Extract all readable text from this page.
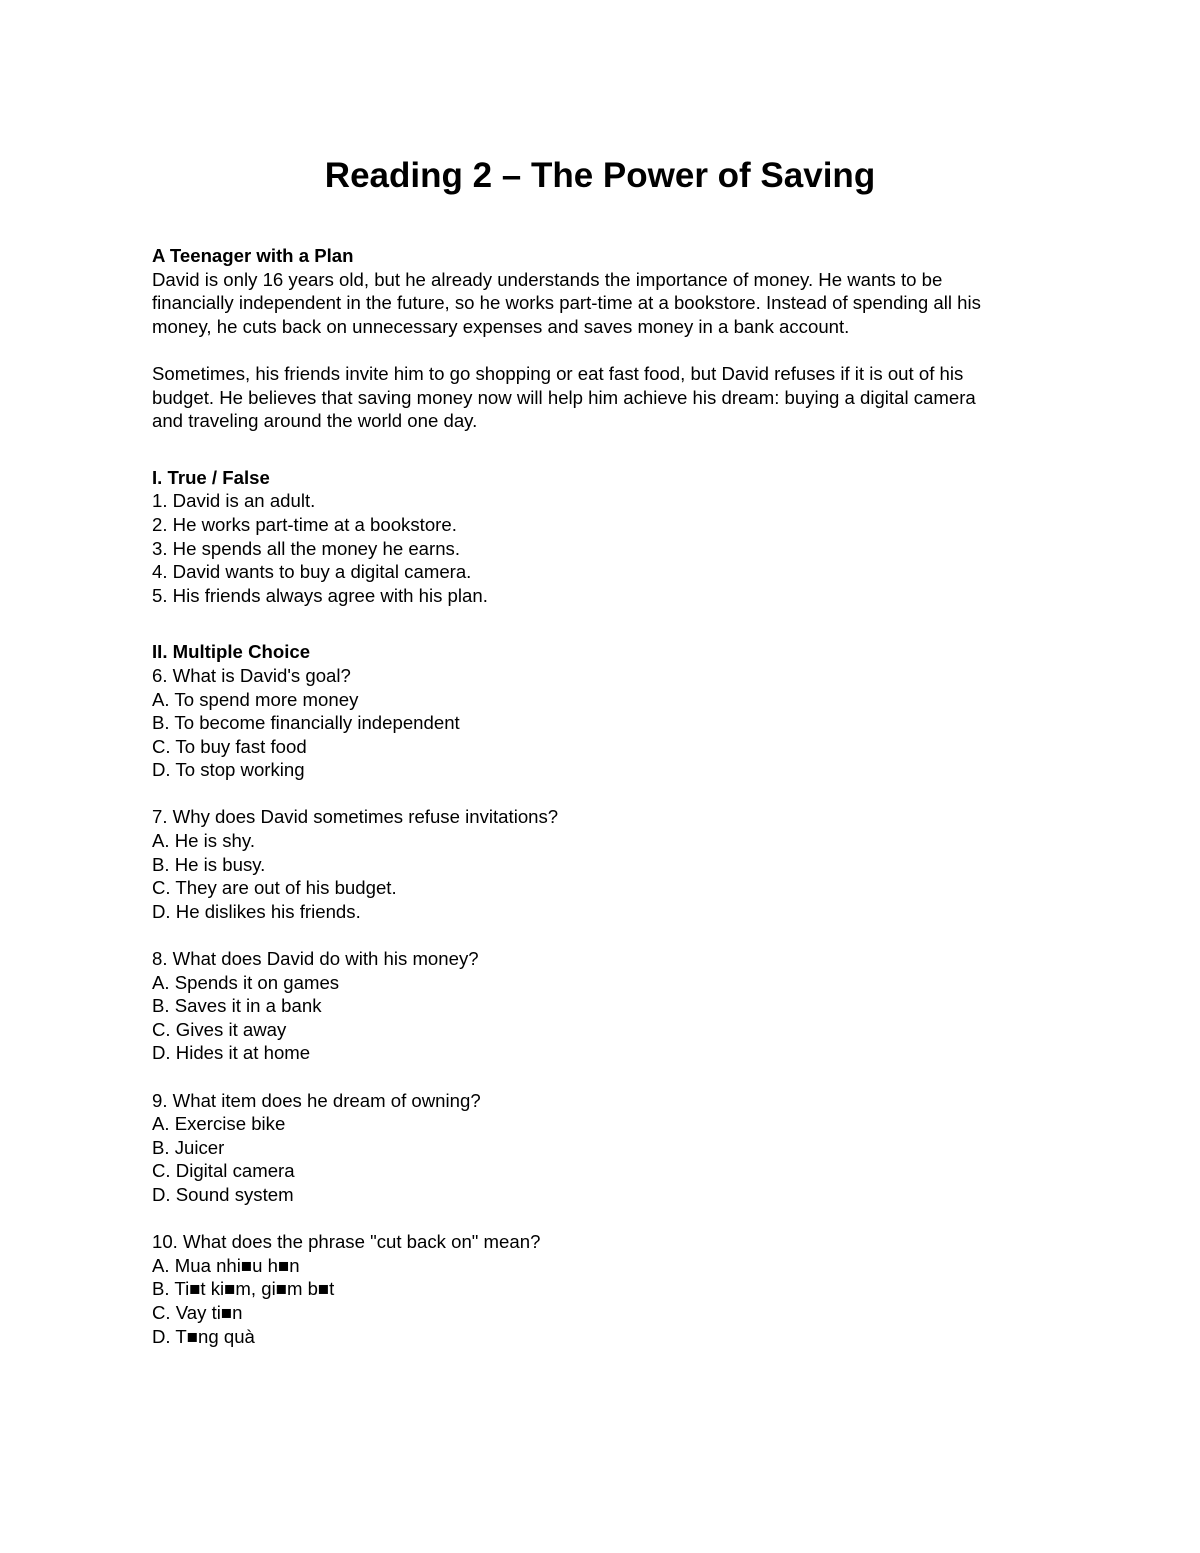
Reading 2 – The Power of Saving
A Teenager with a Plan
David is only 16 years old, but he already understands the importance of money. He wants to be
financially independent in the future, so he works part-time at a bookstore. Instead of spending all his
money, he cuts back on unnecessary expenses and saves money in a bank account.
Sometimes, his friends invite him to go shopping or eat fast food, but David refuses if it is out of his
budget. He believes that saving money now will help him achieve his dream: buying a digital camera
and traveling around the world one day.
I. True / False
1. David is an adult.
2. He works part-time at a bookstore.
3. He spends all the money he earns.
4. David wants to buy a digital camera.
5. His friends always agree with his plan.
II. Multiple Choice
6. What is David's goal?
A. To spend more money
B. To become financially independent
C. To buy fast food
D. To stop working
7. Why does David sometimes refuse invitations?
A. He is shy.
B. He is busy.
C. They are out of his budget.
D. He dislikes his friends.
8. What does David do with his money?
A. Spends it on games
B. Saves it in a bank
C. Gives it away
D. Hides it at home
9. What item does he dream of owning?
A. Exercise bike
B. Juicer
C. Digital camera
D. Sound system
10. What does the phrase "cut back on" mean?
A. Mua nhi■u h■n
B. Ti■t ki■m, gi■m b■t
C. Vay ti■n
D. T■ng quà
